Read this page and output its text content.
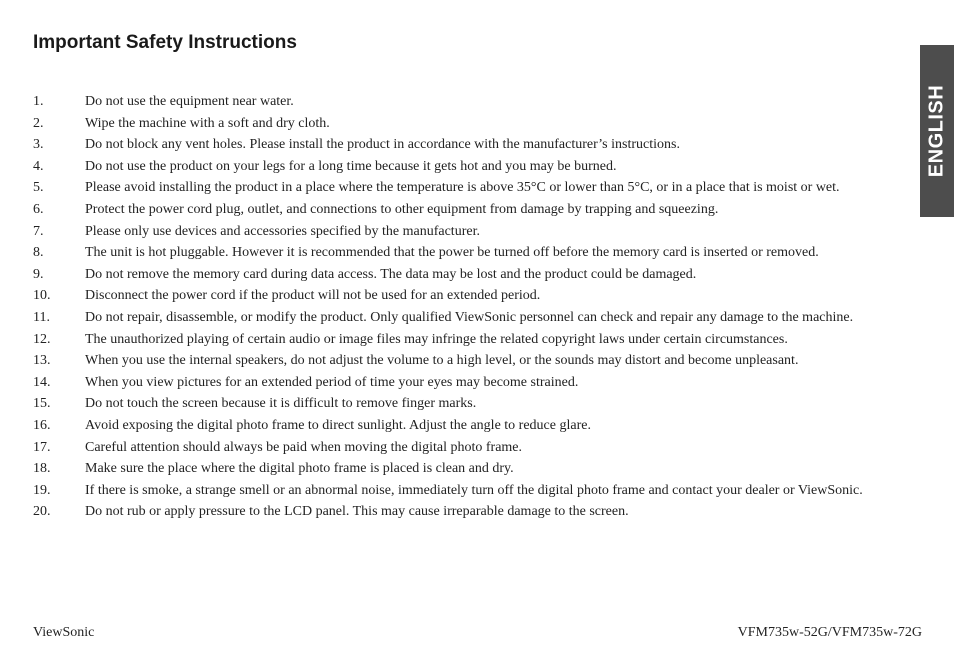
Important Safety Instructions
ENGLISH
1.	Do not use the equipment near water.
2.	Wipe the machine with a soft and dry cloth.
3.	Do not block any vent holes. Please install the product in accordance with the manufacturer’s instructions.
4.	Do not use the product on your legs for a long time because it gets hot and you may be burned.
5.	Please avoid installing the product in a place where the temperature is above 35°C or lower than 5°C, or in a place that is moist or wet.
6.	Protect the power cord plug, outlet, and connections to other equipment from damage by trapping and squeezing.
7.	Please only use devices and accessories specified by the manufacturer.
8.	The unit is hot pluggable. However it is recommended that the power be turned off before the memory card is inserted or removed.
9.	Do not remove the memory card during data access. The data may be lost and the product could be damaged.
10. Disconnect the power cord if the product will not be used for an extended period.
11.	Do not repair, disassemble, or modify the product. Only qualified ViewSonic personnel can check and repair any damage to the machine.
12. The unauthorized playing of certain audio or image files may infringe the related copyright laws under certain circumstances.
13. When you use the internal speakers, do not adjust the volume to a high level, or the sounds may distort and become unpleasant.
14. When you view pictures for an extended period of time your eyes may become strained.
15. Do not touch the screen because it is difficult to remove finger marks.
16. Avoid exposing the digital photo frame to direct sunlight. Adjust the angle to reduce glare.
17. Careful attention should always be paid when moving the digital photo frame.
18. Make sure the place where the digital photo frame is placed is clean and dry.
19. If there is smoke, a strange smell or an abnormal noise, immediately turn off the digital photo frame and contact your dealer or ViewSonic.
20. Do not rub or apply pressure to the LCD panel. This may cause irreparable damage to the screen.
ViewSonic	VFM735w-52G/VFM735w-72G
